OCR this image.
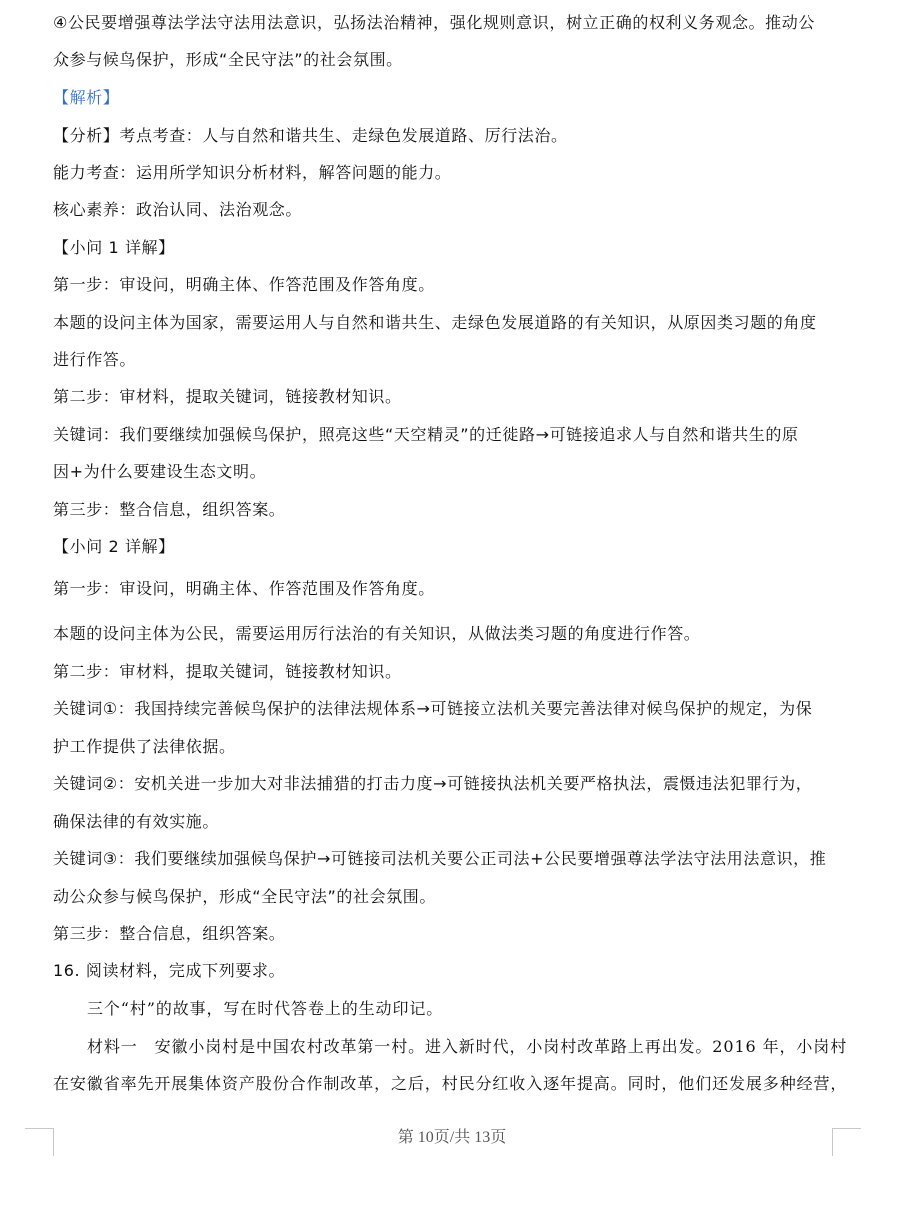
④公民要增强尊法学法守法用法意识，弘扬法治精神，强化规则意识，树立正确的权利义务观念。推动公
众参与候鸟保护，形成“全民守法”的社会氛围。
【解析】
【分析】考点考查：人与自然和谐共生、走绿色发展道路、厉行法治。
能力考查：运用所学知识分析材料，解答问题的能力。
核心素养：政治认同、法治观念。
【小问 1 详解】
第一步：审设问，明确主体、作答范围及作答角度。
本题的设问主体为国家，需要运用人与自然和谐共生、走绿色发展道路的有关知识，从原因类习题的角度
进行作答。
第二步：审材料，提取关键词，链接教材知识。
关键词：我们要继续加强候鸟保护，照亮这些“天空精灵”的迁徙路→可链接追求人与自然和谐共生的原
因+为什么要建设生态文明。
第三步：整合信息，组织答案。
【小问 2 详解】
第一步：审设问，明确主体、作答范围及作答角度。
本题的设问主体为公民，需要运用厉行法治的有关知识，从做法类习题的角度进行作答。
第二步：审材料，提取关键词，链接教材知识。
关键词①：我国持续完善候鸟保护的法律法规体系→可链接立法机关要完善法律对候鸟保护的规定，为保
护工作提供了法律依据。
关键词②：安机关进一步加大对非法捕猎的打击力度→可链接执法机关要严格执法，震慑违法犯罪行为，
确保法律的有效实施。
关键词③：我们要继续加强候鸟保护→可链接司法机关要公正司法+公民要增强尊法学法守法用法意识，推
动公众参与候鸟保护，形成“全民守法”的社会氛围。
第三步：整合信息，组织答案。
16. 阅读材料，完成下列要求。
三个“村”的故事，写在时代答卷上的生动印记。
材料一　安徽小岗村是中国农村改革第一村。进入新时代，小岗村改革路上再出发。2016 年，小岗村
在安徽省率先开展集体资产股份合作制改革，之后，村民分红收入逐年提高。同时，他们还发展多种经营，
第 10页/共 13页
